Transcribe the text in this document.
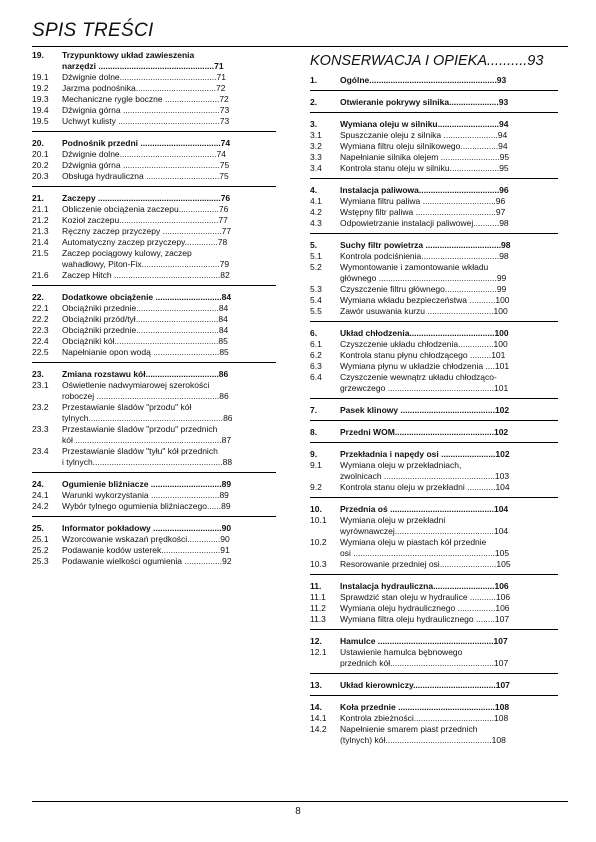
SPIS TREŚCI
19.	Trzypunktowy układ zawieszenia
narzędzi .................................................71
19.1	Dźwignie dolne.........................................71
19.2	Jarzma podnośnika..................................72
19.3	Mechaniczne rygle boczne .......................72
19.4	Dźwignia górna .........................................73
19.5	Uchwyt kulisty ...........................................73
20.	Podnośnik przedni ..................................74
20.1	Dźwignie dolne.........................................74
20.2	Dźwignia górna .........................................75
20.3	Obsługa hydrauliczna ...............................75
21.	Zaczepy ....................................................76
21.1	Obliczenie obciążenia zaczepu.................76
21.2	Kozioł zaczepu..........................................77
21.3	Ręczny zaczep przyczepy .........................77
21.4	Automatyczny zaczep przyczepy..............78
21.5	Zaczep pociągowy kulowy, zaczep
wahadłowy, Piton-Fix.................................79
21.6	Zaczep Hitch .............................................82
22.	Dodatkowe obciążenie ............................84
22.1	Obciążniki przednie...................................84
22.2	Obciążniki przód/tył...................................84
22.3	Obciążniki przednie...................................84
22.4	Obciążniki kół............................................85
22.5	Napełnianie opon wodą ............................85
23.	Zmiana rozstawu kół...............................86
23.1	Oświetlenie nadwymiarowej szerokości
roboczej ....................................................86
23.2	Przestawianie śladów "przodu" kół
tylnych.........................................................86
23.3	Przestawianie śladów "przodu" przednich
kół ..............................................................87
23.4	Przestawianie śladów "tyłu" kół przednich
i tylnych.......................................................88
24.	Ogumienie bliźniacze ..............................89
24.1	Warunki wykorzystania .............................89
24.2	Wybór tylnego ogumienia bliźniaczego......89
25.	Informator pokładowy .............................90
25.1	Wzorcowanie wskazań prędkości..............90
25.2	Podawanie kodów usterek.........................91
25.3	Podawanie wielkości ogumienia ................92
KONSERWACJA I OPIEKA..........93
1.	Ogólne......................................................93
2.	Otwieranie pokrywy silnika.....................93
3.	Wymiana oleju w silniku..........................94
3.1	Spuszczanie oleju z silnika .......................94
3.2	Wymiana filtru oleju silnikowego................94
3.3	Napełnianie silnika olejem .........................95
3.4	Kontrola stanu oleju w silniku.....................95
4.	Instalacja paliwowa..................................96
4.1	Wymiana filtru paliwa ...............................96
4.2	Wstępny filtr paliwa ..................................97
4.3	Odpowietrzanie instalacji paliwowej...........98
5.	Suchy filtr powietrza ................................98
5.1	Kontrola podciśnienia.................................98
5.2	Wymontowanie i zamontowanie wkładu
głównego ..................................................99
5.3	Czyszczenie filtru głównego......................99
5.4	Wymiana wkładu bezpieczeństwa ...........100
5.5	Zawór usuwania kurzu ............................100
6.	Układ chłodzenia....................................100
6.1	Czyszczenie układu chłodzenia...............100
6.2	Kontrola stanu płynu chłodzącego .........101
6.3	Wymiana płynu w układzie chłodzenia ....101
6.4	Czyszczenie wewnątrz układu chłodząco-
grzewczego .............................................101
7.	Pasek klinowy ........................................102
8.	Przedni WOM..........................................102
9.	Przekładnia i napędy osi .......................102
9.1	Wymiana oleju w przekładniach,
zwolnicach ...............................................103
9.2	Kontrola stanu oleju w przekładni ............104
10.	Przednia oś ............................................104
10.1	Wymiana oleju w przekładni
wyrównawczej..........................................104
10.2	Wymiana oleju w piastach kół przednie
osi ............................................................105
10.3	Resorowanie przedniej osi........................105
11.	Instalacja hydrauliczna..........................106
11.1	Sprawdzić stan oleju w hydraulice ...........106
11.2	Wymiana oleju hydraulicznego ................106
11.3	Wymiana filtra oleju hydraulicznego ........107
12.	Hamulce .................................................107
12.1	Ustawienie hamulca bębnowego
przednich kół............................................107
13.	Układ kierowniczy...................................107
14.	Koła przednie .........................................108
14.1	Kontrola zbieżności..................................108
14.2	Napełnienie smarem piast przednich
(tylnych) kół.............................................108
8
